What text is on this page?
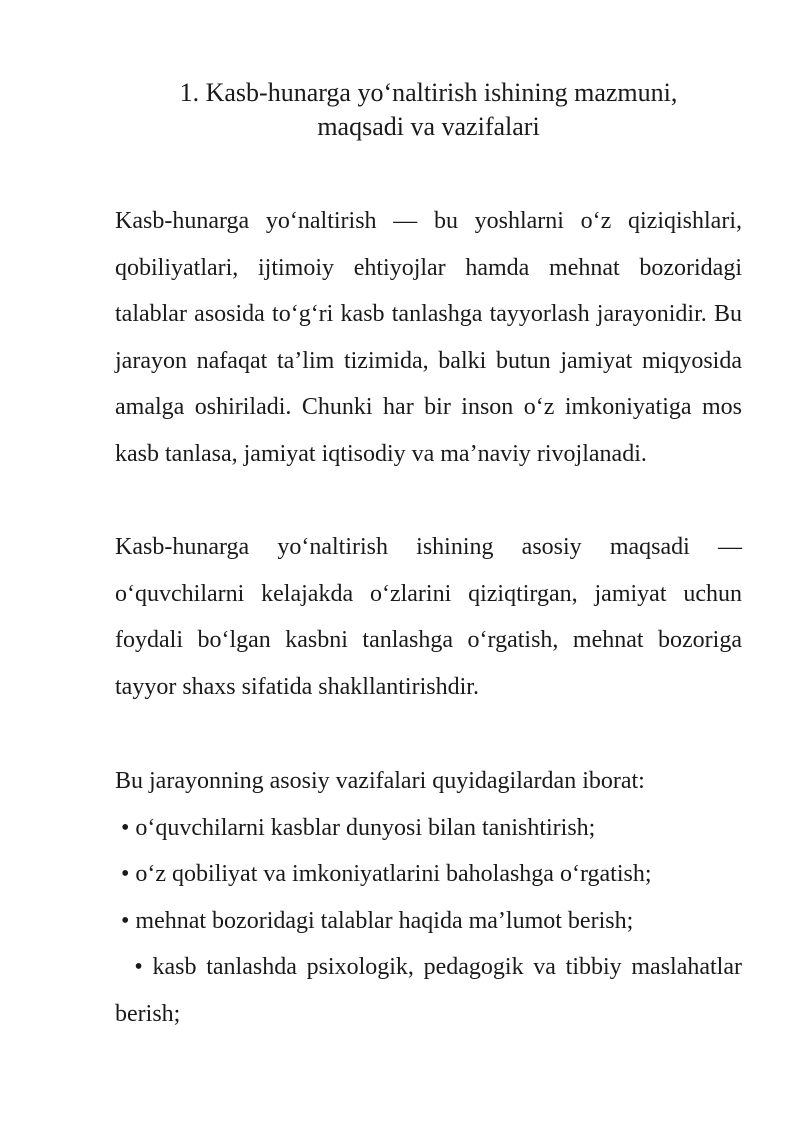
1. Kasb-hunarga yo‘naltirish ishining mazmuni,
maqsadi va vazifalari

Kasb-hunarga yo‘naltirish — bu yoshlarni o‘z qiziqishlari, qobiliyatlari, ijtimoiy ehtiyojlar hamda mehnat bozoridagi talablar asosida to‘g‘ri kasb tanlashga tayyorlash jarayonidir. Bu jarayon nafaqat ta’lim tizimida, balki butun jamiyat miqyosida amalga oshiriladi. Chunki har bir inson o‘z imkoniyatiga mos kasb tanlasa, jamiyat iqtisodiy va ma’naviy rivojlanadi.

Kasb-hunarga yo‘naltirish ishining asosiy maqsadi — o‘quvchilarni kelajakda o‘zlarini qiziqtirgan, jamiyat uchun foydali bo‘lgan kasbni tanlashga o‘rgatish, mehnat bozoriga tayyor shaxs sifatida shakllantirishdir.

Bu jarayonning asosiy vazifalari quyidagilardan iborat:

• o‘quvchilarni kasblar dunyosi bilan tanishtirish;
• o‘z qobiliyat va imkoniyatlarini baholashga o‘rgatish;
• mehnat bozoridagi talablar haqida ma’lumot berish;
• kasb tanlashda psixologik, pedagogik va tibbiy maslahatlar berish;
